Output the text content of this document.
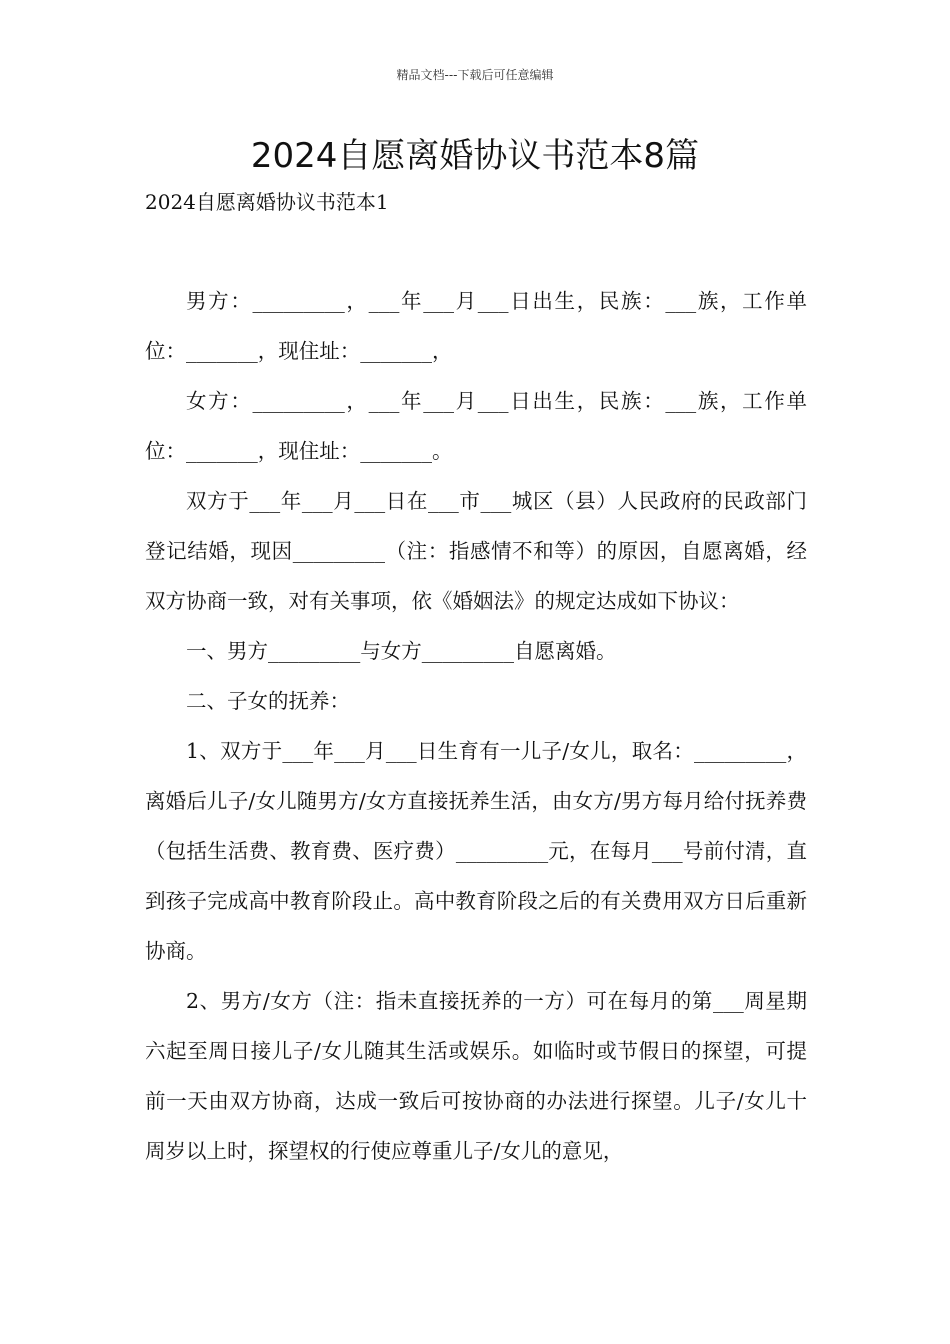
精品文档---下载后可任意编辑
2024自愿离婚协议书范本8篇
2024自愿离婚协议书范本1

男方：_________，___年___月___日出生，民族：___族，工作单位：_______，现住址：_______，

女方：_________，___年___月___日出生，民族：___族，工作单位：_______，现住址：_______。

双方于___年___月___日在___市___城区（县）人民政府的民政部门登记结婚，现因_________（注：指感情不和等）的原因，自愿离婚，经双方协商一致，对有关事项，依《婚姻法》的规定达成如下协议：

一、男方_________与女方_________自愿离婚。

二、子女的抚养：

1、双方于___年___月___日生育有一儿子/女儿，取名：_________，离婚后儿子/女儿随男方/女方直接抚养生活，由女方/男方每月给付抚养费（包括生活费、教育费、医疗费）_________元，在每月___号前付清，直到孩子完成高中教育阶段止。高中教育阶段之后的有关费用双方日后重新协商。

2、男方/女方（注：指未直接抚养的一方）可在每月的第___周星期六起至周日接儿子/女儿随其生活或娱乐。如临时或节假日的探望，可提前一天由双方协商，达成一致后可按协商的办法进行探望。儿子/女儿十周岁以上时，探望权的行使应尊重儿子/女儿的意见，
